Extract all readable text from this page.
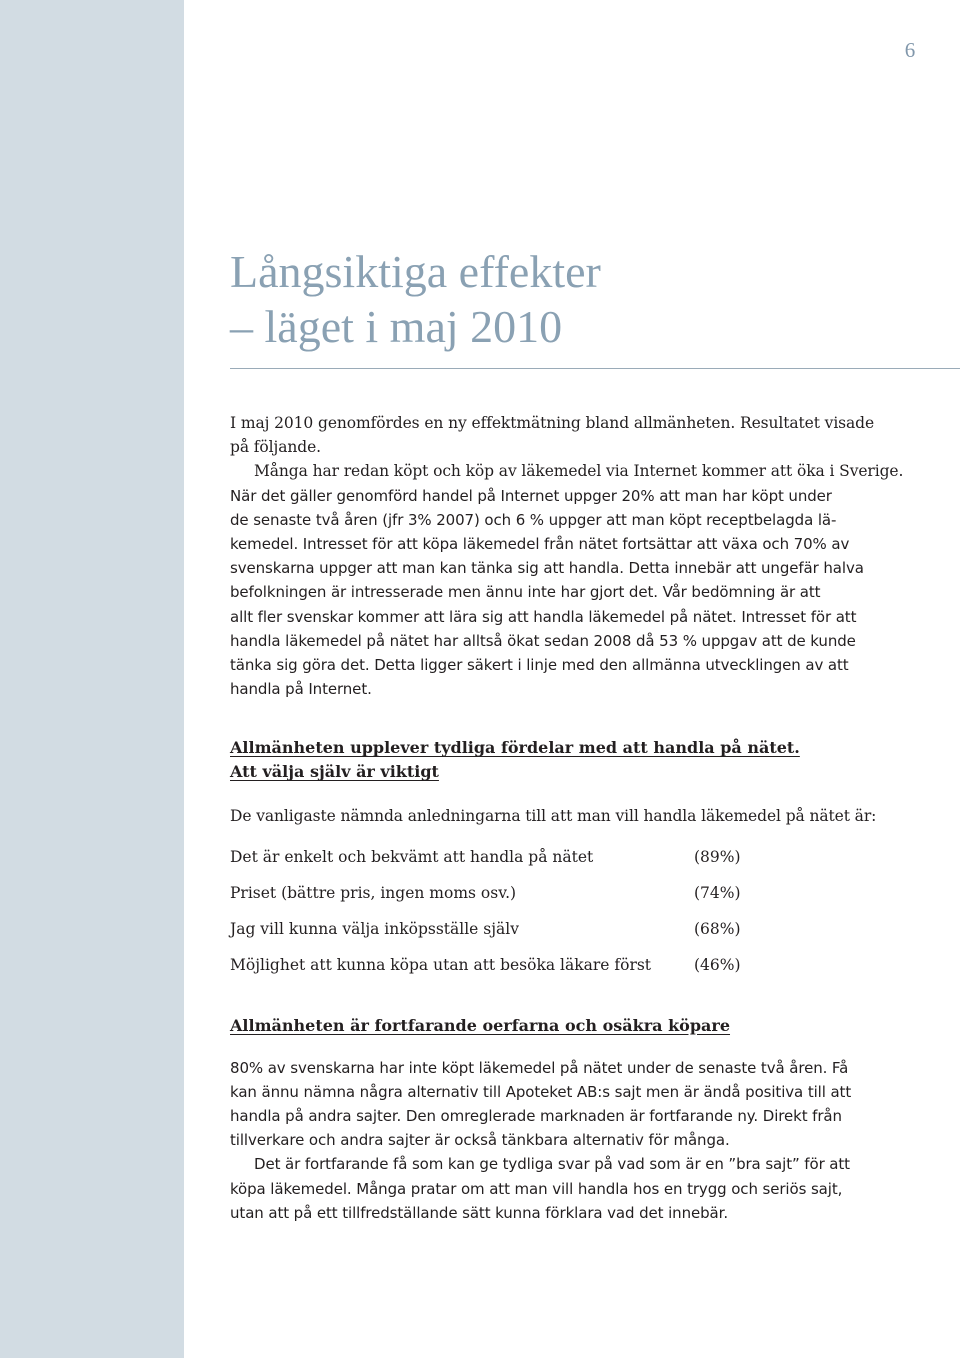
6
Långsiktiga effekter
– läget i maj 2010

I maj 2010 genomfördes en ny effektmätning bland allmänheten. Resultatet visade
på följande.
Många har redan köpt och köp av läkemedel via Internet kommer att öka i Sverige.
När det gäller genomförd handel på Internet uppger 20% att man har köpt under
de senaste två åren (jfr 3% 2007) och 6 % uppger att man köpt receptbelagda lä-
kemedel. Intresset för att köpa läkemedel från nätet fortsättar att växa och 70% av
svenskarna uppger att man kan tänka sig att handla. Detta innebär att ungefär halva
befolkningen är intresserade men ännu inte har gjort det. Vår bedömning är att
allt fler svenskar kommer att lära sig att handla läkemedel på nätet. Intresset för att
handla läkemedel på nätet har alltså ökat sedan 2008 då 53 % uppgav att de kunde
tänka sig göra det. Detta ligger säkert i linje med den allmänna utvecklingen av att
handla på Internet.

Allmänheten upplever tydliga fördelar med att handla på nätet.
Att välja själv är viktigt

De vanligaste nämnda anledningarna till att man vill handla läkemedel på nätet är:

Det är enkelt och bekvämt att handla på nätet	(89%)
Priset (bättre pris, ingen moms osv.)	(74%)
Jag vill kunna välja inköpsställe själv	(68%)
Möjlighet att kunna köpa utan att besöka läkare först	(46%)
Allmänheten är fortfarande oerfarna och osäkra köpare

80% av svenskarna har inte köpt läkemedel på nätet under de senaste två åren. Få
kan ännu nämna några alternativ till Apoteket AB:s sajt men är ändå positiva till att
handla på andra sajter. Den omreglerade marknaden är fortfarande ny. Direkt från
tillverkare och andra sajter är också tänkbara alternativ för många.
Det är fortfarande få som kan ge tydliga svar på vad som är en ”bra sajt” för att
köpa läkemedel. Många pratar om att man vill handla hos en trygg och seriös sajt,
utan att på ett tillfredställande sätt kunna förklara vad det innebär.
